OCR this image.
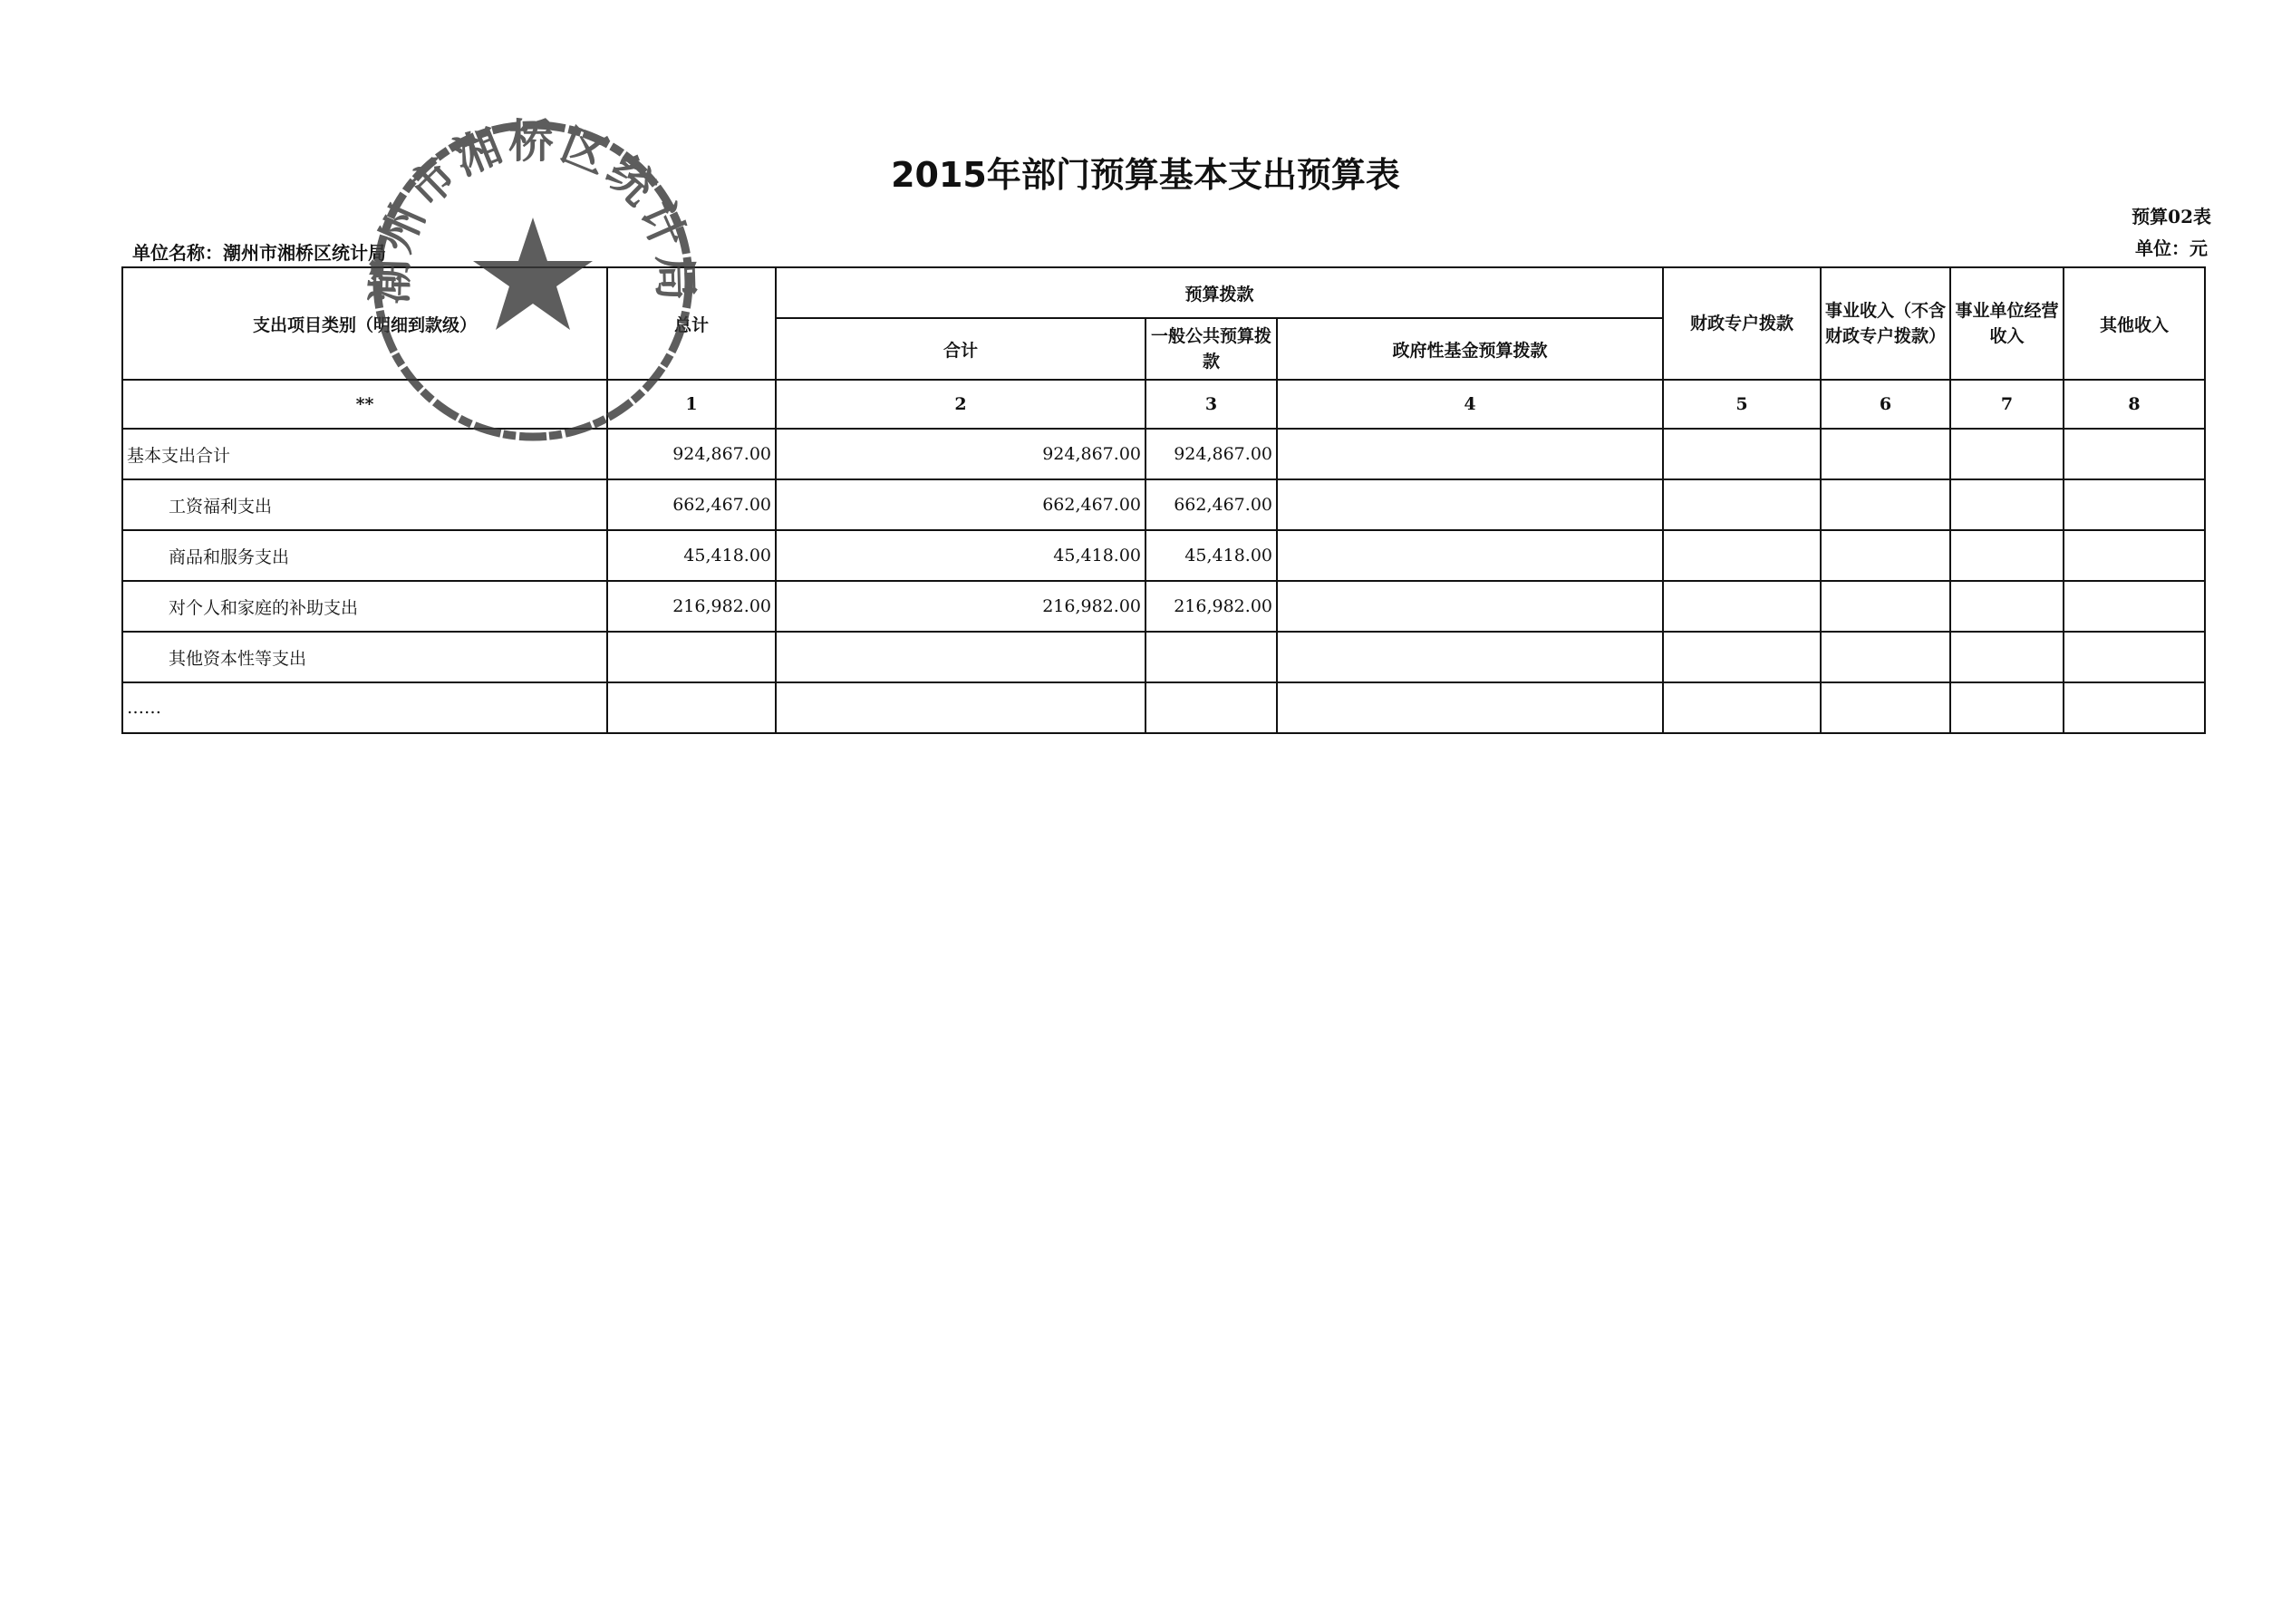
2015年部门预算基本支出预算表
预算02表
单位名称：潮州市湘桥区统计局	单位：元
支出项目类别（明细到款级）	总计	预算拨款			财政专户拨款	事业收入（不含财政专户拨款）	事业单位经营收入	其他收入
		合计	一般公共预算拨款	政府性基金预算拨款				
**	1	2	3	4	5	6	7	8
基本支出合计	924,867.00	924,867.00	924,867.00					
工资福利支出	662,467.00	662,467.00	662,467.00					
商品和服务支出	45,418.00	45,418.00	45,418.00					
对个人和家庭的补助支出	216,982.00	216,982.00	216,982.00					
其他资本性等支出								
……								
潮州市湘桥区统计局
